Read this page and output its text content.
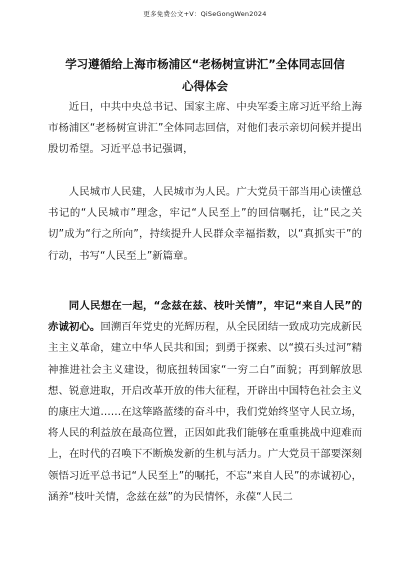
更多免费公文+V：QiSeGongWen2024
学习遵循给上海市杨浦区“老杨树宣讲汇”全体同志回信
心得体会

近日，中共中央总书记、国家主席、中央军委主席习近平给上海市杨浦区“老杨树宣讲汇”全体同志回信，对他们表示亲切问候并提出殷切希望。习近平总书记强调，

人民城市人民建，人民城市为人民。广大党员干部当用心读懂总书记的“人民城市”理念，牢记“人民至上”的回信嘱托，让“民之关切”成为“行之所向”，持续提升人民群众幸福指数，以“真抓实干”的行动，书写“人民至上”新篇章。

同人民想在一起，“念兹在兹、枝叶关情”，牢记“来自人民”的赤诚初心。回溯百年党史的光辉历程，从全民团结一致成功完成新民主主义革命，建立中华人民共和国；到勇于探索、以“摸石头过河”精神推进社会主义建设，彻底扭转国家“一穷二白”面貌；再到解放思想、锐意进取，开启改革开放的伟大征程，开辟出中国特色社会主义的康庄大道……在这筚路蓝缕的奋斗中，我们党始终坚守人民立场，将人民的利益放在最高位置，正因如此我们能够在重重挑战中迎难而上，在时代的召唤下不断焕发新的生机与活力。广大党员干部要深刻领悟习近平总书记“人民至上”的嘱托，不忘“来自人民”的赤诚初心，涵养“枝叶关情，念兹在兹”的为民情怀，永葆“人民二
